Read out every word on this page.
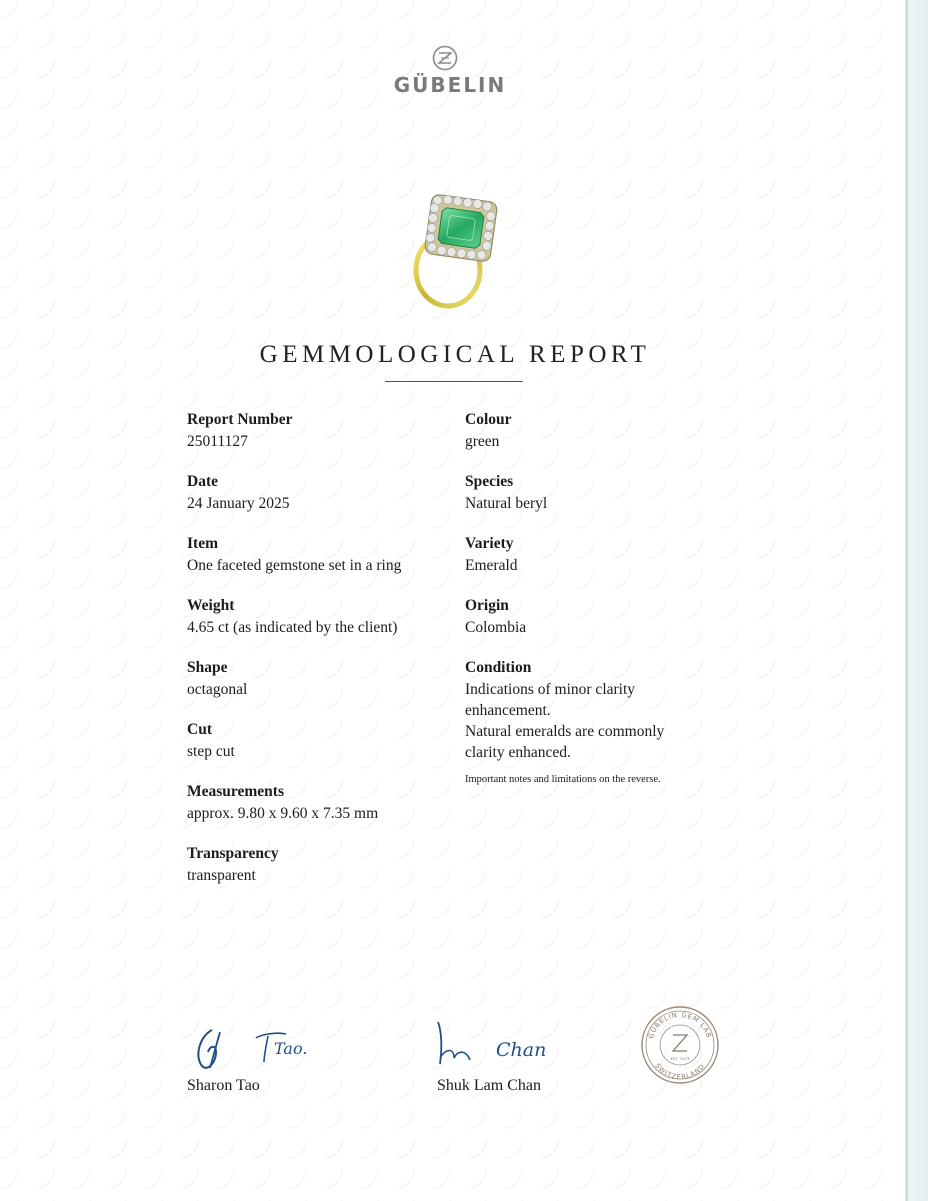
GÜBELIN
GEMMOLOGICAL REPORT
Report Number
25011127
Date
24 January 2025
Item
One faceted gemstone set in a ring
Weight
4.65 ct (as indicated by the client)
Shape
octagonal
Cut
step cut
Measurements
approx. 9.80 x 9.60 x 7.35 mm
Transparency
transparent
Colour
green
Species
Natural beryl
Variety
Emerald
Origin
Colombia
Condition
Indications of minor clarity
enhancement.
Natural emeralds are commonly
clarity enhanced.
Important notes and limitations on the reverse.
Tao.
Sharon Tao
Chan
Shuk Lam Chan
GÜBELIN GEM LAB
SWITZERLAND
EST. 1923
